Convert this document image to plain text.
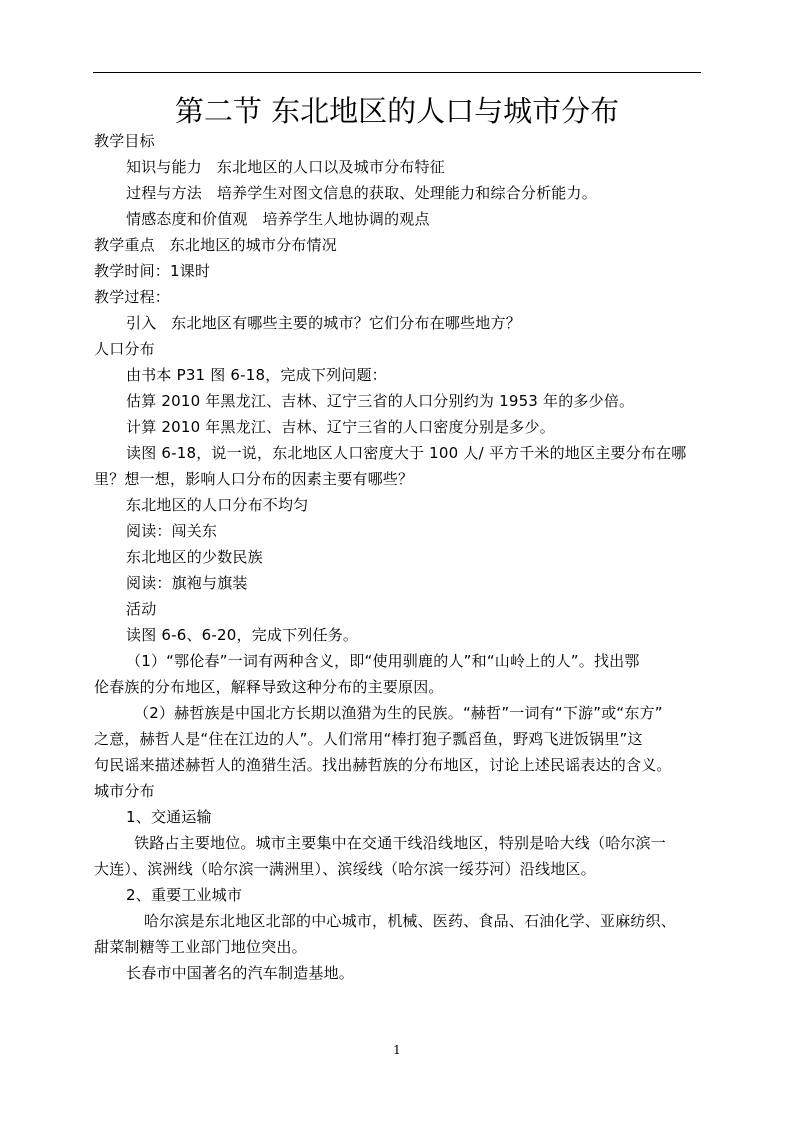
第二节 东北地区的人口与城市分布
教学目标
知识与能力   东北地区的人口以及城市分布特征
过程与方法   培养学生对图文信息的获取、处理能力和综合分析能力。
情感态度和价值观   培养学生人地协调的观点
教学重点   东北地区的城市分布情况
教学时间：1课时
教学过程：
引入   东北地区有哪些主要的城市？它们分布在哪些地方？
人口分布
由书本 P31 图 6-18，完成下列问题：
估算 2010 年黑龙江、吉林、辽宁三省的人口分别约为 1953 年的多少倍。
计算 2010 年黑龙江、吉林、辽宁三省的人口密度分别是多少。
读图 6-18，说一说，东北地区人口密度大于 100 人/ 平方千米的地区主要分布在哪
里？想一想，影响人口分布的因素主要有哪些？
东北地区的人口分布不均匀
阅读：闯关东
东北地区的少数民族
阅读：旗袍与旗装
活动
读图 6-6、6-20，完成下列任务。
（1）“鄂伦春”一词有两种含义，即“使用驯鹿的人”和“山岭上的人”。找出鄂
伦春族的分布地区，解释导致这种分布的主要原因。
（2）赫哲族是中国北方长期以渔猎为生的民族。“赫哲”一词有“下游”或“东方”
之意，赫哲人是“住在江边的人”。人们常用“棒打狍子瓢舀鱼，野鸡飞进饭锅里”这
句民谣来描述赫哲人的渔猎生活。找出赫哲族的分布地区，讨论上述民谣表达的含义。
城市分布
1、交通运输
铁路占主要地位。城市主要集中在交通干线沿线地区，特别是哈大线（哈尔滨一
大连）、滨洲线（哈尔滨一满洲里）、滨绥线（哈尔滨一绥芬河）沿线地区。
2、重要工业城市
哈尔滨是东北地区北部的中心城市，机械、医药、食品、石油化学、亚麻纺织、
甜菜制糖等工业部门地位突出。
长春市中国著名的汽车制造基地。
1
